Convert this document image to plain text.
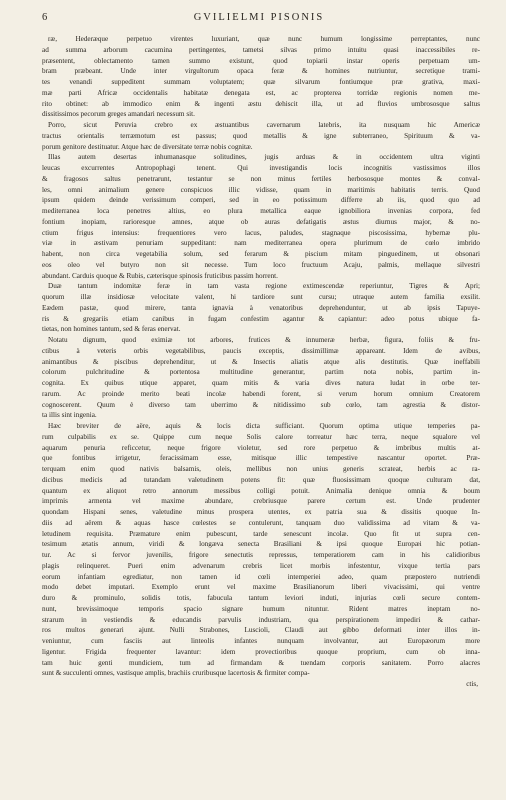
6	GVILIELMI PISONIS
ræ, Hederæque perpetuo virentes luxuriant, quæ nunc humum longissime perreptantes, nunc
ad summa arborum cacumina pertingentes, tametsi silvas primo intuitu quasi inaccessibiles re-
præsentent, oblectamento tamen summo existunt, quod topiarii instar operis perpetuam um-
bram præbeant. Unde inter virgultorum opaca feræ & homines nutriuntur, secretique trami-
tes venandi suppeditent summam voluptatem; quæ silvarum fontiumque præ grativa, maxi-
mæ parti Africæ occidentalis habitatæ denegata est, ac propterea torridæ regionis nomen me-
rito obtinet: ab immodico enim & ingenti æstu dehiscit illa, ut ad fluvios umbrososque saltus
dissitissimos pecorum greges amandari necessum sit.
Porro, sicut Peruvia crebro ex æstuantibus cavernarum latebris, ita nusquam hic Americæ
tractus orientalis terræmotum est passus; quod metallis & igne subterraneo, Spirituum & va-
porum genitore destituatur. Atque hæc de diversitate terræ nobis cognitæ.
Illas autem desertas inhumanasque solitudines, jugis arduas & in occidentem ultra viginti
leucas excurrentes Antropophagi tenent. Qui investigandis locis incognitis vastissimos illos
& fragosos saltus penetrarunt, testantur se non minus fertiles herbososque montes & conval-
les, omni animalium genere conspicuos illic vidisse, quam in maritimis habitatis terris. Quod
ipsum quidem deinde verissimum comperi, sed in eo potissimum differre ab iis, quod quo ad
mediterranea loca penetres altius, eo plura metallica eaque ignobiliora invenias corpora, fed
fontium inopiam, rarioresque amnes, atque ob auras defatigatis æstus diurnus major, & no-
ctium frigus intensius: frequentiores vero lacus, paludes, stagnaque piscosissima, hybernæ plu-
viæ in æstivam penuriam suppeditant: nam mediterranea opera plurimum de cœlo imbrido
habent, non circa vegetabilia solum, sed ferarum & piscium mitam pinguedinem, ut obsonari
eos oleo vel butyro non sit necesse. Tum loco fructuum Acaju, palmis, mellaque silvestri
abundant. Carduis quoque & Rubis, cæterisque spinosis fruticibus passim horrent.
Duæ tantum indomitæ feræ in tam vasta regione extimescendæ reperiuntur, Tigres & Apri;
quorum illæ insidiosæ velocitate valent, hi tardiore sunt cursu; utraque autem familia exsilit.
Eædem pastæ, quod mirere, tanta ignavia à venatoribus deprehenduntur, ut ab ipsis Tapuye-
ris & gregariis etiam canibus in fugam confestim agantur & capiantur: adeo potus ubique fa-
tietas, non homines tantum, sed & feras enervat.
Notatu dignum, quod eximiæ tot arbores, frutices & innumeræ herbæ, figura, foliis & fru-
ctibus à veteris orbis vegetabilibus, paucis exceptis, dissimillimæ appareant. Idem de avibus,
animantibus & piscibus deprehenditur, ut & Insectis aliatis atque alis destitutis. Quæ ineffabili
colorum pulchritudine & portentosa multitudine generantur, partim nota nobis, partim in-
cognita. Ex quibus utique apparet, quam mitis & varia dives natura ludat in orbe ter-
rarum. Ac proinde merito beati incolæ habendi forent, si verum horum omnium Creatorem
cognoscerent. Quum è diverso tam uberrimo & nitidissimo sub cœlo, tam agrestia & distor-
ta illis sint ingenia.
Hæc breviter de aëre, aquis & locis dicta sufficiant. Quorum optima utique temperies pa-
rum culpabilis ex se. Quippe cum neque Solis calore torreatur hæc terra, neque squalore vel
aquarum penuria reficcetur, neque frigore violetur, sed rore perpetuo & imbribus multis at-
que fontibus irrigetur, feracissimam esse, mitisque illic tempestive nascantur oportet. Præ-
terquam enim quod nativis balsamis, oleis, mellibus non unius generis scrateat, herbis ac ra-
dicibus medicis ad tutandam valetudinem potens fit: quæ fluosissimam quoque culturam dat,
quantum ex aliquot retro annorum messibus colligi potuit. Animalia denique omnia & boum
imprimis armenta vel maxime abundare, crebriusque parere certum est. Unde prudenter
quondam Hispani senes, valetudine minus prospera utentes, ex patria sua & dissitis quoque In-
diis ad aërem & aquas hasce cœlestes se contulerunt, tanquam duo validissima ad vitam & va-
letudinem requisita. Præmature enim pubescunt, tarde senescunt incolæ. Quo fit ut supra cen-
tesimum ætatis annum, viridi & longæva senecta Brasiliani & ipsi quoque Europæi hic potian-
tur. Ac si fervor juvenilis, frigore senectutis repressus, temperatiorem cam in his calidioribus
plagis relinqueret. Pueri enim advenarum crebris licet morbis infestentur, vixque tertia pars
eorum infantiam egrediatur, non tamen id cœli intemperiei adeo, quam præpostero nutriendi
modo debet imputari. Exemplo erunt vel maxime Brasilianorum liberi vivacissimi, qui ventre
duro & prominulo, solidis totis, fabucula tantum leviori induti, injurias cœli secure contem-
nunt, brevissimoque temporis spacio signare humum nituntur. Rident matres ineptam no-
strarum in vestiendis & educandis parvulis industriam, qua perspirationem impediri & cathar-
ros multos generari ajunt. Nulli Strabones, Luscioli, Claudi aut gibbo deformati inter illos in-
veniuntur, cum fasciis aut linteolis infantes nunquam involvantur, aut Europæorum more
ligentur. Frigida frequenter lavantur: idem provectioribus quoque proprium, cum ob inna-
tam huic genti mundiciem, tum ad firmandam & tuendam corporis sanitatem. Porro alacres
sunt & succulenti omnes, vastisque amplis, brachiis cruribusque lacertosis & firmiter compa-
ctis,
